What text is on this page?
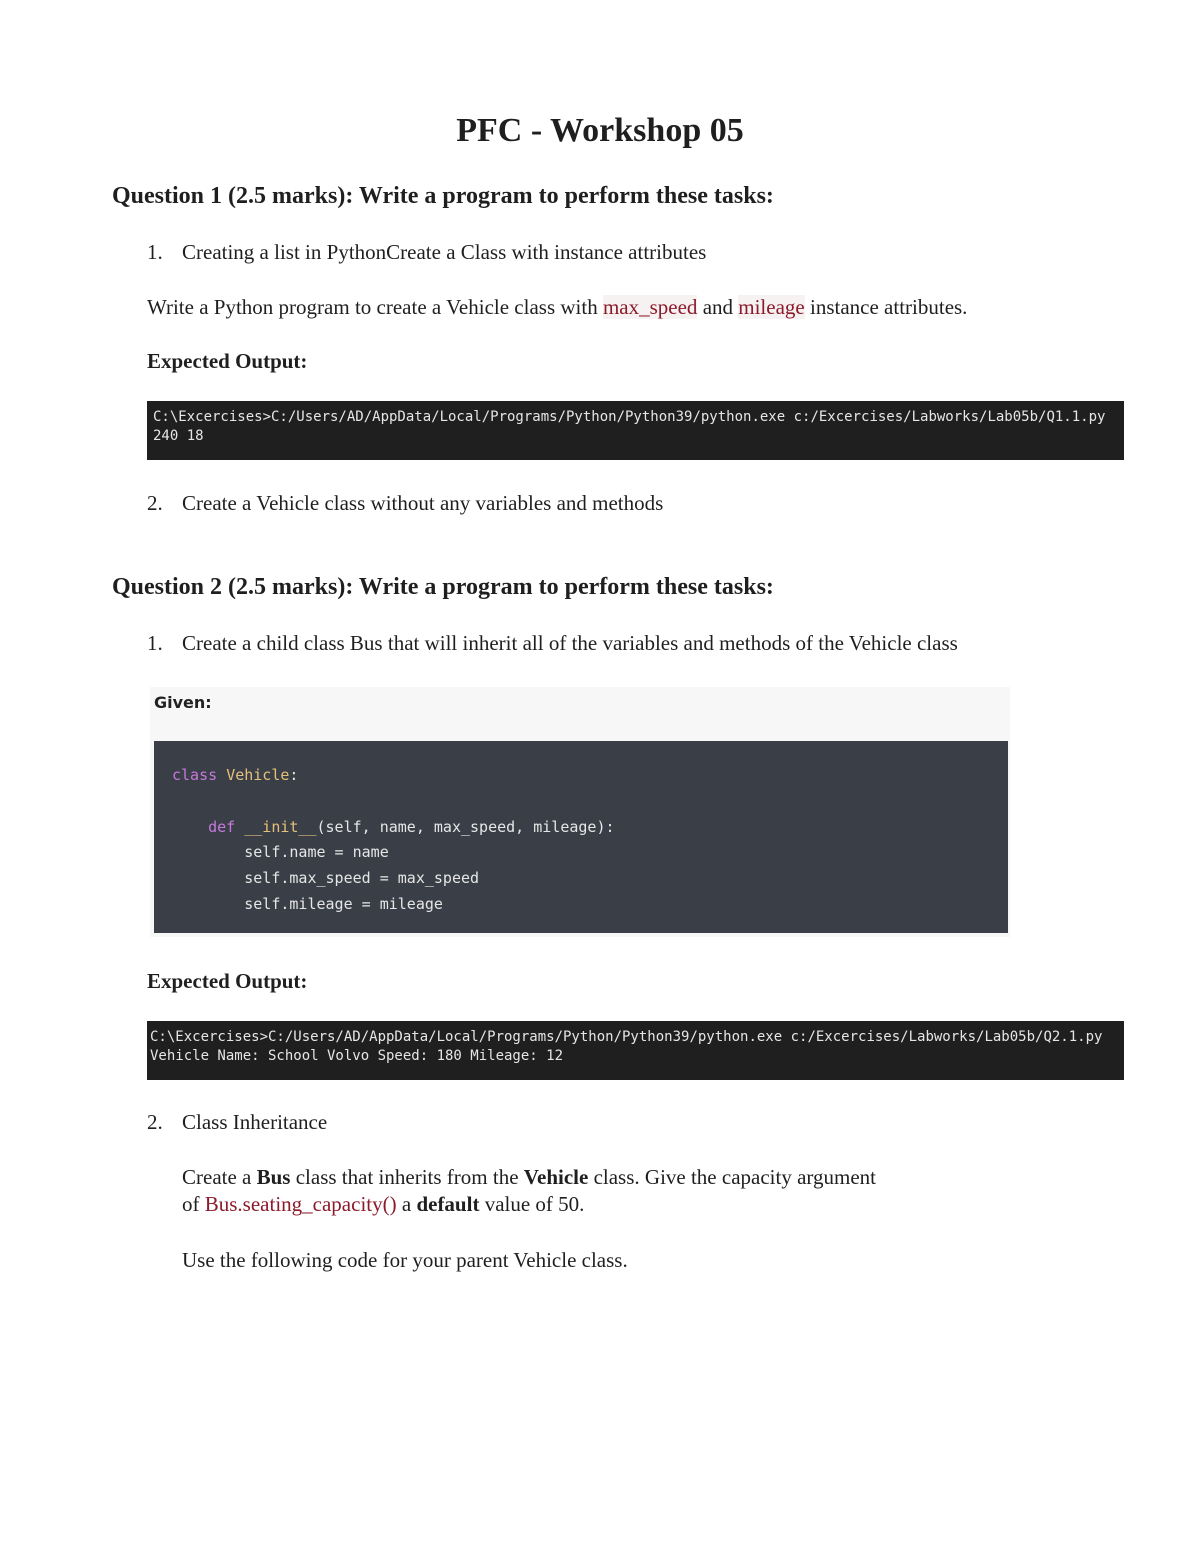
PFC - Workshop 05
Question 1 (2.5 marks): Write a program to perform these tasks:
1. Creating a list in PythonCreate a Class with instance attributes
Write a Python program to create a Vehicle class with max_speed and mileage instance attributes.
Expected Output:
C:\Excercises>C:/Users/AD/AppData/Local/Programs/Python/Python39/python.exe c:/Excercises/Labworks/Lab05b/Q1.1.py
240 18
2. Create a Vehicle class without any variables and methods
Question 2 (2.5 marks): Write a program to perform these tasks:
1. Create a child class Bus that will inherit all of the variables and methods of the Vehicle class
Given:
class Vehicle:

def __init__(self, name, max_speed, mileage):
self.name = name
self.max_speed = max_speed
self.mileage = mileage
Expected Output:
C:\Excercises>C:/Users/AD/AppData/Local/Programs/Python/Python39/python.exe c:/Excercises/Labworks/Lab05b/Q2.1.py
Vehicle Name: School Volvo Speed: 180 Mileage: 12
2. Class Inheritance
Create a Bus class that inherits from the Vehicle class. Give the capacity argument
of Bus.seating_capacity() a default value of 50.
Use the following code for your parent Vehicle class.
